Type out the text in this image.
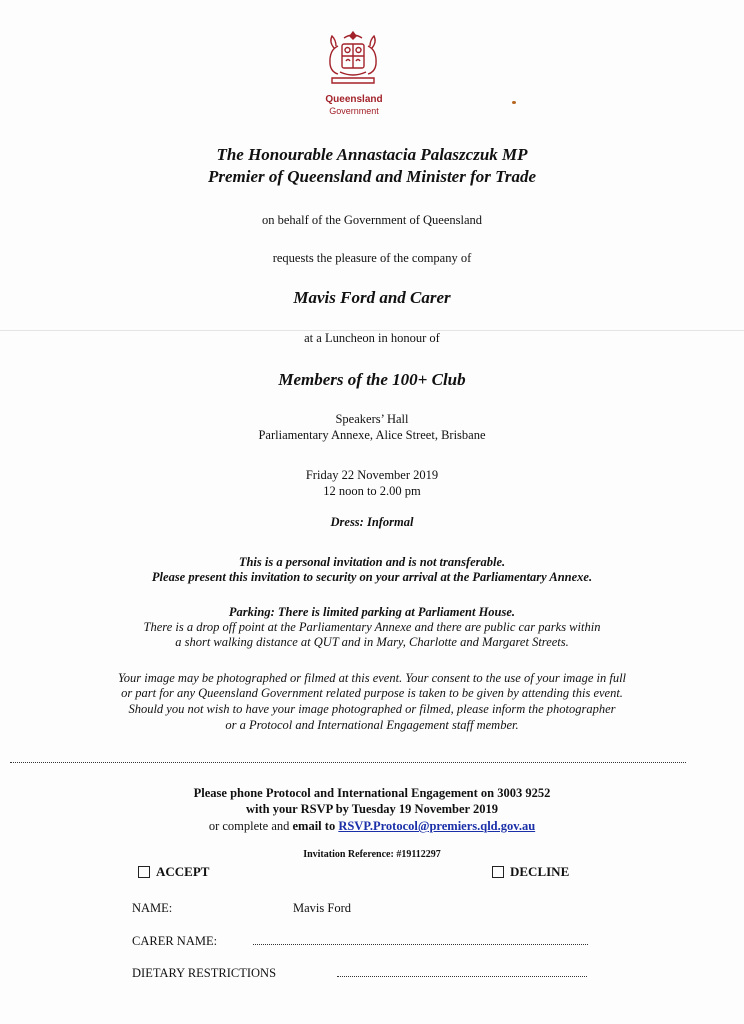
Queensland
Government
The Honourable Annastacia Palaszczuk MP
Premier of Queensland and Minister for Trade
on behalf of the Government of Queensland
requests the pleasure of the company of
Mavis Ford and Carer
at a Luncheon in honour of
Members of the 100+ Club
Speakers’ Hall
Parliamentary Annexe, Alice Street, Brisbane
Friday 22 November 2019
12 noon to 2.00 pm
Dress: Informal
This is a personal invitation and is not transferable.
Please present this invitation to security on your arrival at the Parliamentary Annexe.
Parking: There is limited parking at Parliament House.
There is a drop off point at the Parliamentary Annexe and there are public car parks within
a short walking distance at QUT and in Mary, Charlotte and Margaret Streets.
Your image may be photographed or filmed at this event. Your consent to the use of your image in full
or part for any Queensland Government related purpose is taken to be given by attending this event.
Should you not wish to have your image photographed or filmed, please inform the photographer
or a Protocol and International Engagement staff member.
Please phone Protocol and International Engagement on 3003 9252
with your RSVP by Tuesday 19 November 2019
or complete and email to RSVP.Protocol@premiers.qld.gov.au
Invitation Reference: #19112297
ACCEPT	DECLINE
NAME:	Mavis Ford
CARER NAME:
DIETARY RESTRICTIONS
